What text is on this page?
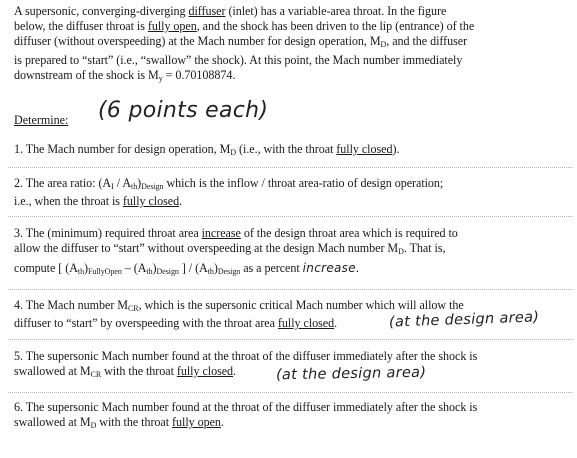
A supersonic, converging-diverging diffuser (inlet) has a variable-area throat. In the figure
below, the diffuser throat is fully open, and the shock has been driven to the lip (entrance) of the
diffuser (without overspeeding) at the Mach number for design operation, $M_D$, and the diffuser
is prepared to “start” (i.e., “swallow” the shock). At this point, the Mach number immediately
downstream of the shock is $M_y = 0.70108874$.
Determine: (6 points each)
1. The Mach number for design operation, $M_D$ (i.e., with the throat fully closed).
2. The area ratio: $(A_I / A_{th})_{Design}$ which is the inflow / throat area-ratio of design operation;
i.e., when the throat is fully closed.
3. The (minimum) required throat area increase of the design throat area which is required to
allow the diffuser to “start” without overspeeding at the design Mach number $M_D$. That is,
compute [ $(A_{th})_{FullyOpen} - (A_{th})_{Design}$ ] / $(A_{th})_{Design}$ as a percent increase.
4. The Mach number $M_{CR}$, which is the supersonic critical Mach number which will allow the
diffuser to “start” by overspeeding with the throat area fully closed.	(at the design area)
5. The supersonic Mach number found at the throat of the diffuser immediately after the shock is
swallowed at $M_{CR}$ with the throat fully closed.	(at the design area)
6. The supersonic Mach number found at the throat of the diffuser immediately after the shock is
swallowed at $M_D$ with the throat fully open.
